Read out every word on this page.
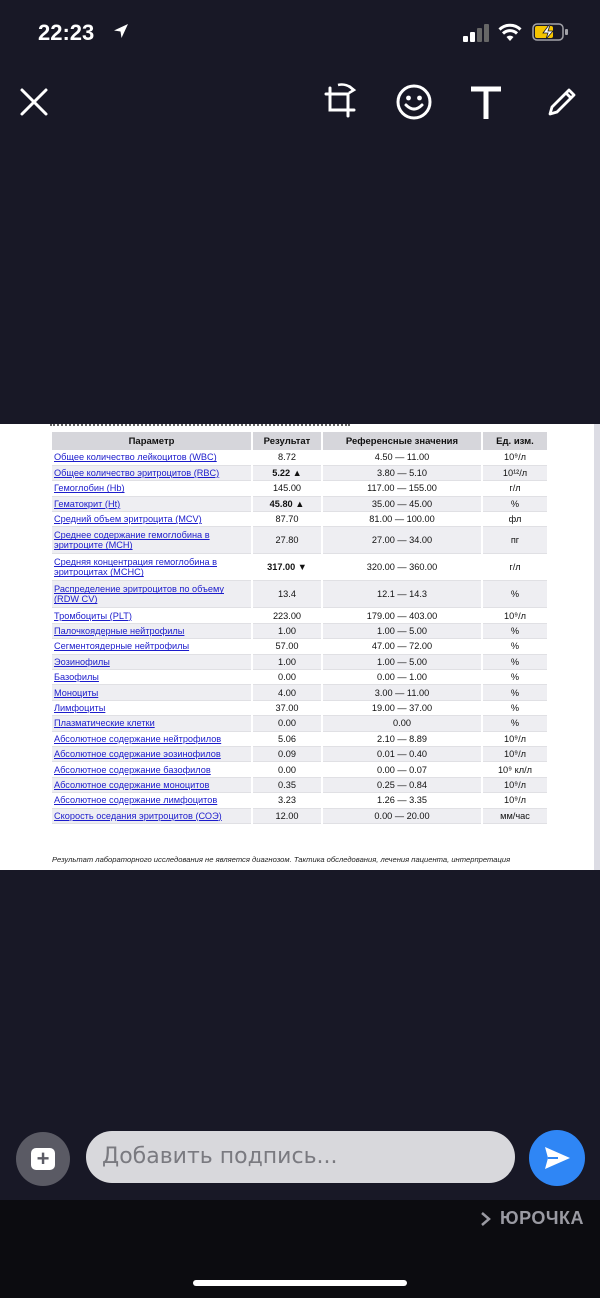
22:23
Параметр	Результат	Референсные значения	Ед. изм.
Общее количество лейкоцитов (WBC)	8.72	4.50 — 11.00	10⁹/л
Общее количество эритроцитов (RBC)	5.22 ▲	3.80 — 5.10	10¹²/л
Гемоглобин (Hb)	145.00	117.00 — 155.00	г/л
Гематокрит (Ht)	45.80 ▲	35.00 — 45.00	%
Средний объем эритроцита (MCV)	87.70	81.00 — 100.00	фл
Среднее содержание гемоглобина в эритроците (MCH)	27.80	27.00 — 34.00	пг
Средняя концентрация гемоглобина в эритроцитах (MCHC)	317.00 ▼	320.00 — 360.00	г/л
Распределение эритроцитов по объему (RDW CV)	13.4	12.1 — 14.3	%
Тромбоциты (PLT)	223.00	179.00 — 403.00	10⁹/л
Палочкоядерные нейтрофилы	1.00	1.00 — 5.00	%
Сегментоядерные нейтрофилы	57.00	47.00 — 72.00	%
Эозинофилы	1.00	1.00 — 5.00	%
Базофилы	0.00	0.00 — 1.00	%
Моноциты	4.00	3.00 — 11.00	%
Лимфоциты	37.00	19.00 — 37.00	%
Плазматические клетки	0.00	0.00	%
Абсолютное содержание нейтрофилов	5.06	2.10 — 8.89	10⁹/л
Абсолютное содержание эозинофилов	0.09	0.01 — 0.40	10⁹/л
Абсолютное содержание базофилов	0.00	0.00 — 0.07	10⁹ кл/л
Абсолютное содержание моноцитов	0.35	0.25 — 0.84	10⁹/л
Абсолютное содержание лимфоцитов	3.23	1.26 — 3.35	10⁹/л
Скорость оседания эритроцитов (СОЭ)	12.00	0.00 — 20.00	мм/час
Результат лабораторного исследования не является диагнозом. Тактика обследования, лечения пациента, интерпретация
+	Добавить подпись...
ЮРОЧКА
